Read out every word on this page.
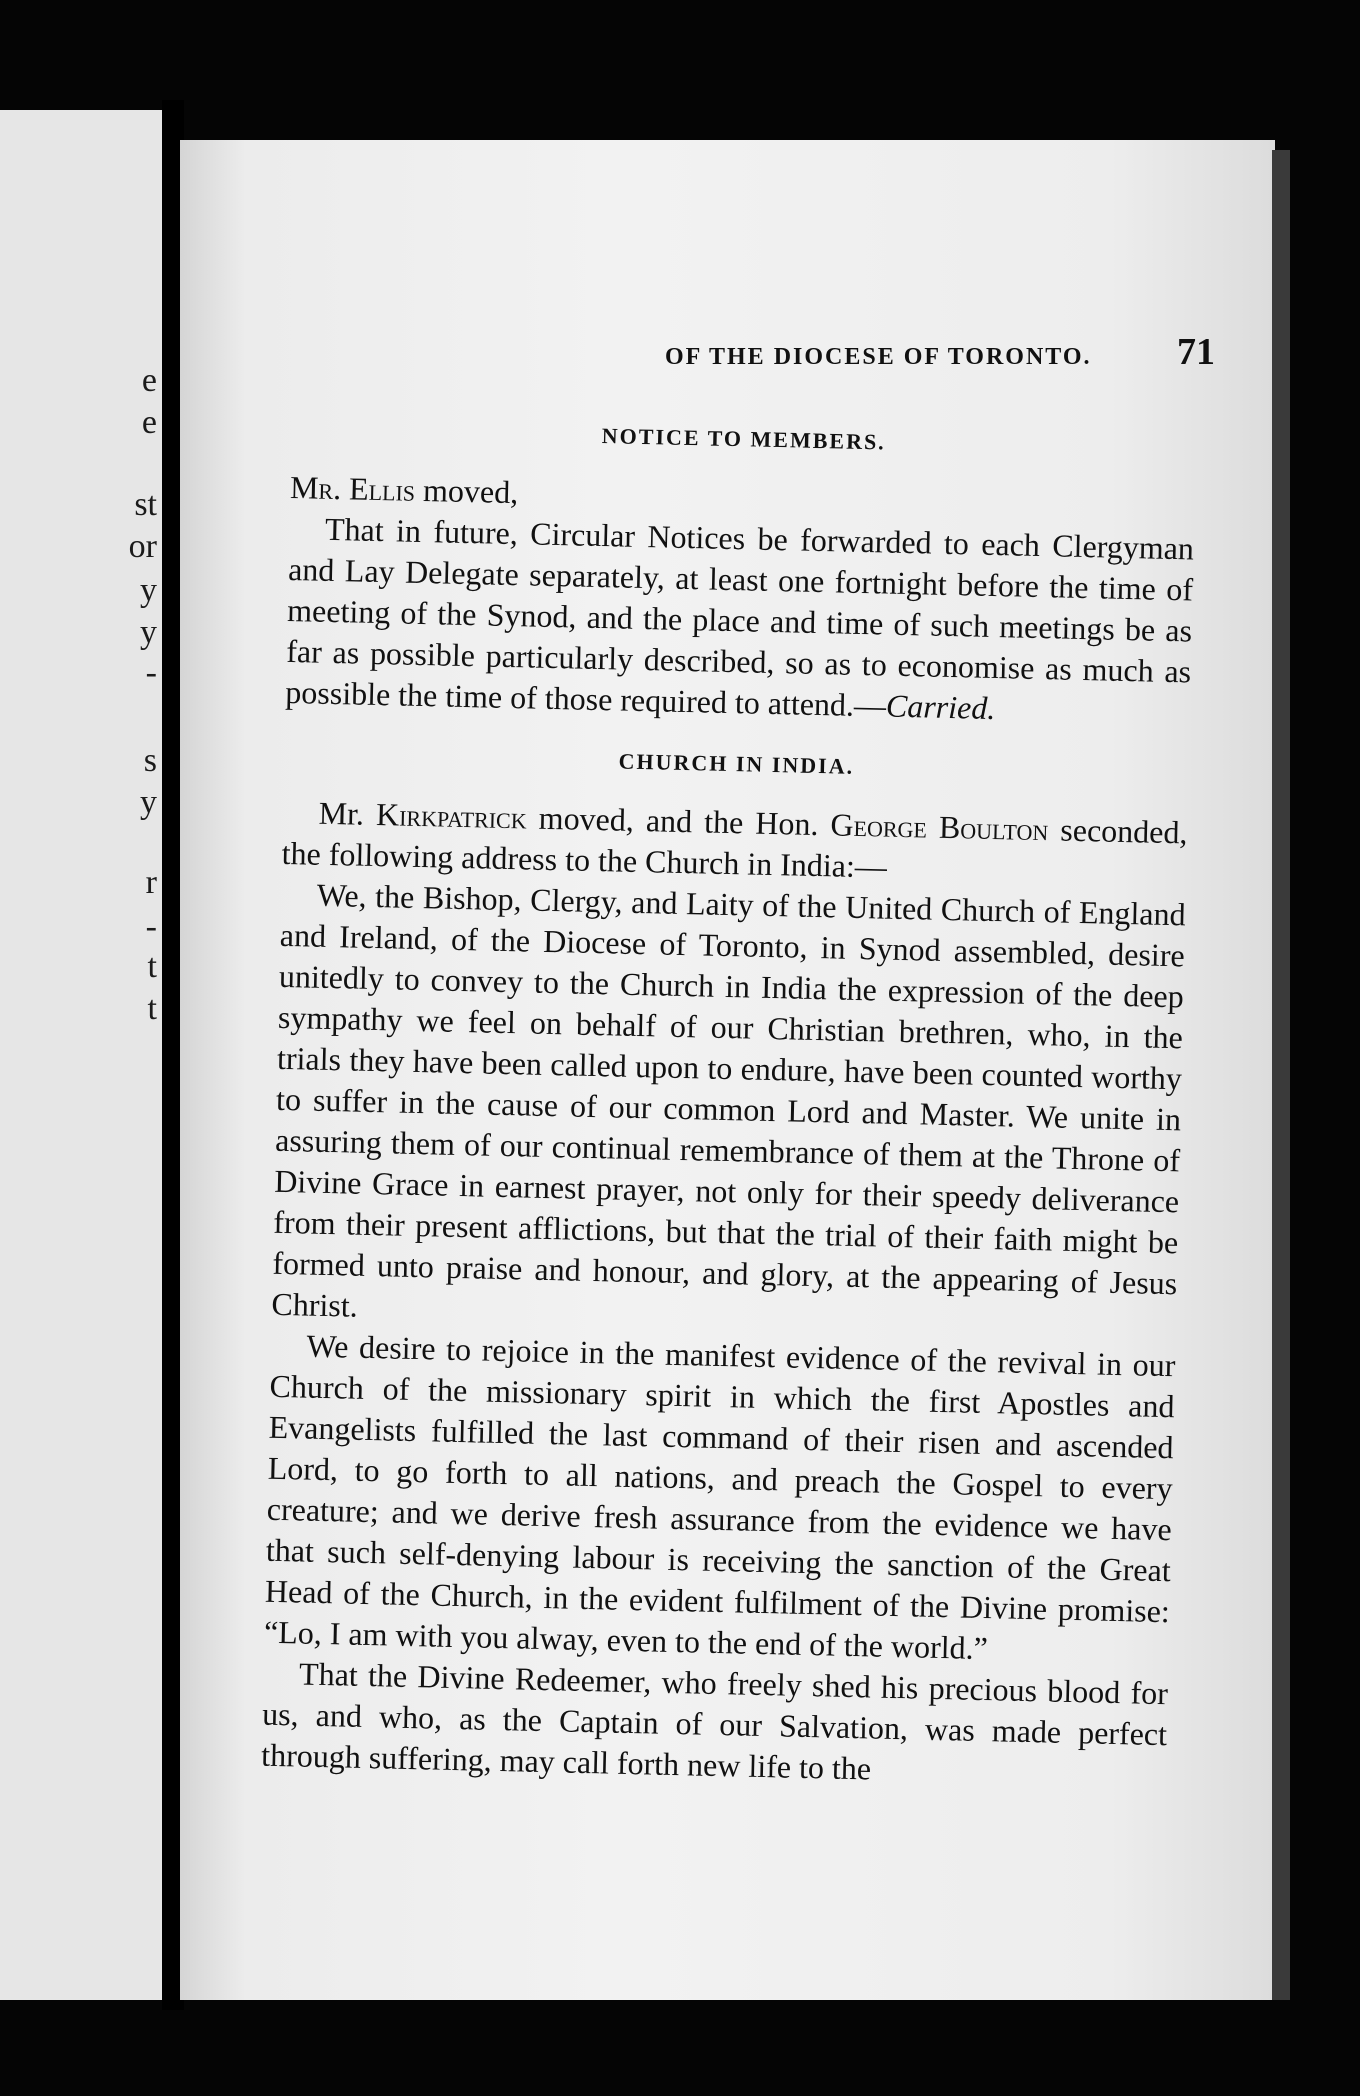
e
e
st
or
y
y
-
s
y
r
-
t
t
OF THE DIOCESE OF TORONTO. 71
NOTICE TO MEMBERS.

Mr. Ellis moved,

That in future, Circular Notices be forwarded to each Clergyman and Lay Delegate separately, at least one fortnight before the time of meeting of the Synod, and the place and time of such meetings be as far as possible particularly described, so as to economise as much as possible the time of those required to attend.—Carried.

CHURCH IN INDIA.

Mr. Kirkpatrick moved, and the Hon. George Boulton seconded, the following address to the Church in India:—

We, the Bishop, Clergy, and Laity of the United Church of England and Ireland, of the Diocese of Toronto, in Synod assembled, desire unitedly to convey to the Church in India the expression of the deep sympathy we feel on behalf of our Christian brethren, who, in the trials they have been called upon to endure, have been counted worthy to suffer in the cause of our common Lord and Master. We unite in assuring them of our continual remembrance of them at the Throne of Divine Grace in earnest prayer, not only for their speedy deliverance from their present afflictions, but that the trial of their faith might be formed unto praise and honour, and glory, at the appearing of Jesus Christ.

We desire to rejoice in the manifest evidence of the revival in our Church of the missionary spirit in which the first Apostles and Evangelists fulfilled the last command of their risen and ascended Lord, to go forth to all nations, and preach the Gospel to every creature; and we derive fresh assurance from the evidence we have that such self-denying labour is receiving the sanction of the Great Head of the Church, in the evident fulfilment of the Divine promise: “Lo, I am with you alway, even to the end of the world.”

That the Divine Redeemer, who freely shed his precious blood for us, and who, as the Captain of our Salvation, was made perfect through suffering, may call forth new life to the
